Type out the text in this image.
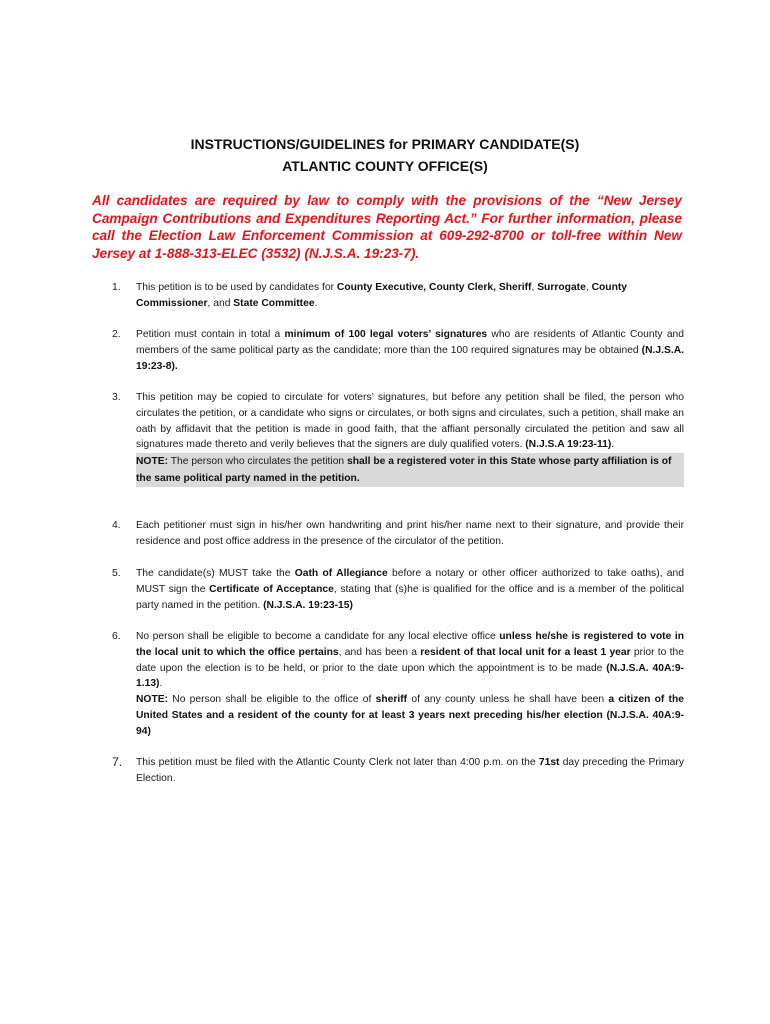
INSTRUCTIONS/GUIDELINES for PRIMARY CANDIDATE(S)
ATLANTIC COUNTY OFFICE(S)
All candidates are required by law to comply with the provisions of the “New Jersey Campaign Contributions and Expenditures Reporting Act.” For further information, please call the Election Law Enforcement Commission at 609-292-8700 or toll-free within New Jersey at 1-888-313-ELEC (3532) (N.J.S.A. 19:23-7).
1.	This petition is to be used by candidates for County Executive, County Clerk, Sheriff, Surrogate, County Commissioner, and State Committee.
2.	Petition must contain in total a minimum of 100 legal voters’ signatures who are residents of Atlantic County and members of the same political party as the candidate; more than the 100 required signatures may be obtained (N.J.S.A. 19:23-8).
3.	This petition may be copied to circulate for voters’ signatures, but before any petition shall be filed, the person who circulates the petition, or a candidate who signs or circulates, or both signs and circulates, such a petition, shall make an oath by affidavit that the petition is made in good faith, that the affiant personally circulated the petition and saw all signatures made thereto and verily believes that the signers are duly qualified voters. (N.J.S.A 19:23-11).

NOTE: The person who circulates the petition shall be a registered voter in this State whose party affiliation is of the same political party named in the petition.

4.	Each petitioner must sign in his/her own handwriting and print his/her name next to their signature, and provide their residence and post office address in the presence of the circulator of the petition.
5.	The candidate(s) MUST take the Oath of Allegiance before a notary or other officer authorized to take oaths), and MUST sign the Certificate of Acceptance, stating that (s)he is qualified for the office and is a member of the political party named in the petition. (N.J.S.A. 19:23-15)
6.	No person shall be eligible to become a candidate for any local elective office unless he/she is registered to vote in the local unit to which the office pertains, and has been a resident of that local unit for a least 1 year prior to the date upon the election is to be held, or prior to the date upon which the appointment is to be made (N.J.S.A. 40A:9-1.13).

NOTE: No person shall be eligible to the office of sheriff of any county unless he shall have been a citizen of the United States and a resident of the county for at least 3 years next preceding his/her election (N.J.S.A. 40A:9-94)

7.	This petition must be filed with the Atlantic County Clerk not later than 4:00 p.m. on the 71st day preceding the Primary Election.
